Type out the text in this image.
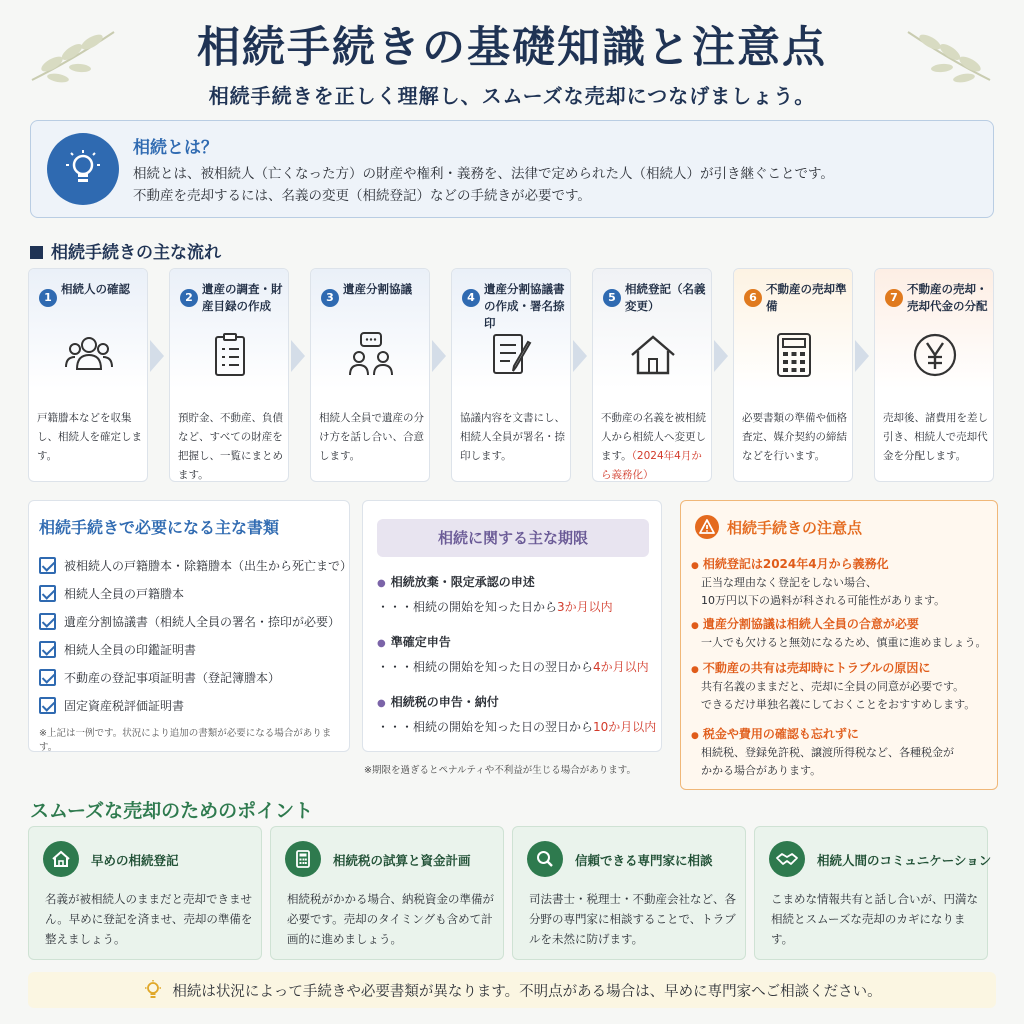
相続手続きの基礎知識と注意点
相続手続きを正しく理解し、スムーズな売却につなげましょう。
相続とは？
相続とは、被相続人（亡くなった方）の財産や権利・義務を、法律で定められた人（相続人）が引き継ぐことです。
不動産を売却するには、名義の変更（相続登記）などの手続きが必要です。
相続手続きの主な流れ
1
相続人の確認
戸籍謄本などを収集し、相続人を確定します。
2
遺産の調査・財産目録の作成
預貯金、不動産、負債など、すべての財産を把握し、一覧にまとめます。
3
遺産分割協議
相続人全員で遺産の分け方を話し合い、合意します。
4
遺産分割協議書の作成・署名捺印
協議内容を文書にし、相続人全員が署名・捺印します。
5
相続登記（名義変更）
不動産の名義を被相続人から相続人へ変更します。（2024年4月から義務化）
6
不動産の売却準備
必要書類の準備や価格査定、媒介契約の締結などを行います。
7
不動産の売却・売却代金の分配
売却後、諸費用を差し引き、相続人で売却代金を分配します。
相続手続きで必要になる主な書類
被相続人の戸籍謄本・除籍謄本（出生から死亡まで）
相続人全員の戸籍謄本
遺産分割協議書（相続人全員の署名・捺印が必要）
相続人全員の印鑑証明書
不動産の登記事項証明書（登記簿謄本）
固定資産税評価証明書
※上記は一例です。状況により追加の書類が必要になる場合があります。
相続に関する主な期限
● 相続放棄・限定承認の申述
・・・相続の開始を知った日から3か月以内
● 準確定申告
・・・相続の開始を知った日の翌日から4か月以内
● 相続税の申告・納付
・・・相続の開始を知った日の翌日から10か月以内
※期限を過ぎるとペナルティや不利益が生じる場合があります。
相続手続きの注意点
● 相続登記は2024年4月から義務化
正当な理由なく登記をしない場合、
10万円以下の過料が科される可能性があります。
● 遺産分割協議は相続人全員の合意が必要
一人でも欠けると無効になるため、慎重に進めましょう。
● 不動産の共有は売却時にトラブルの原因に
共有名義のままだと、売却に全員の同意が必要です。
できるだけ単独名義にしておくことをおすすめします。
● 税金や費用の確認も忘れずに
相続税、登録免許税、譲渡所得税など、各種税金が
かかる場合があります。
スムーズな売却のためのポイント
早めの相続登記
名義が被相続人のままだと売却できません。早めに登記を済ませ、売却の準備を整えましょう。
相続税の試算と資金計画
相続税がかかる場合、納税資金の準備が必要です。売却のタイミングも含めて計画的に進めましょう。
信頼できる専門家に相談
司法書士・税理士・不動産会社など、各分野の専門家に相談することで、トラブルを未然に防げます。
相続人間のコミュニケーション
こまめな情報共有と話し合いが、円満な相続とスムーズな売却のカギになります。
相続は状況によって手続きや必要書類が異なります。不明点がある場合は、早めに専門家へご相談ください。
